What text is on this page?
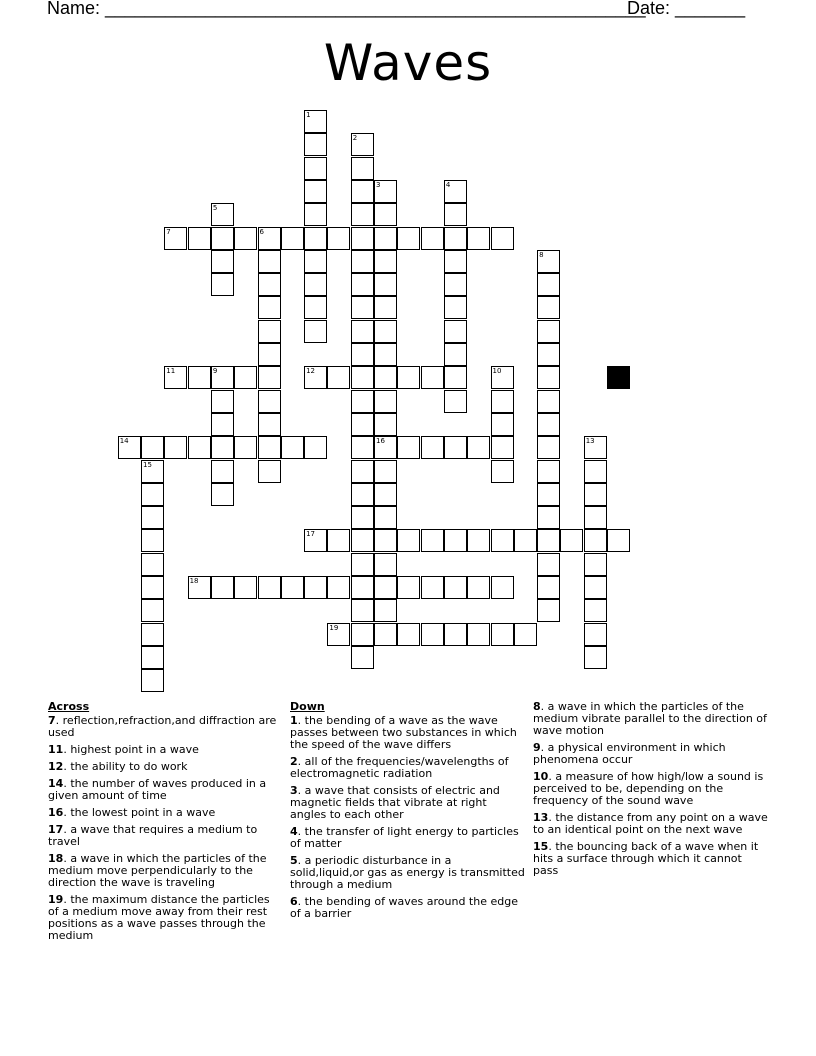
Name: ______________________________________________________
Date: _______
Waves
7	6
11	9	12
14	16
17
18
19
1
2
3	4
5
8
10
13
15
Across
7. reflection,refraction,and diffraction are used
11. highest point in a wave
12. the ability to do work
14. the number of waves produced in a given amount of time
16. the lowest point in a wave
17. a wave that requires a medium to travel
18. a wave in which the particles of the medium move perpendicularly to the direction the wave is traveling
19. the maximum distance the particles of a medium move away from their rest positions as a wave passes through the medium
Down
1. the bending of a wave as the wave passes between two substances in which the speed of the wave differs
2. all of the frequencies/wavelengths of electromagnetic radiation
3. a wave that consists of electric and magnetic fields that vibrate at right angles to each other
4. the transfer of light energy to particles of matter
5. a periodic disturbance in a solid,liquid,or gas as energy is transmitted through a medium
6. the bending of waves around the edge of a barrier
8. a wave in which the particles of the medium vibrate parallel to the direction of wave motion
9. a physical environment in which phenomena occur
10. a measure of how high/low a sound is perceived to be, depending on the frequency of the sound wave
13. the distance from any point on a wave to an identical point on the next wave
15. the bouncing back of a wave when it hits a surface through which it cannot pass
